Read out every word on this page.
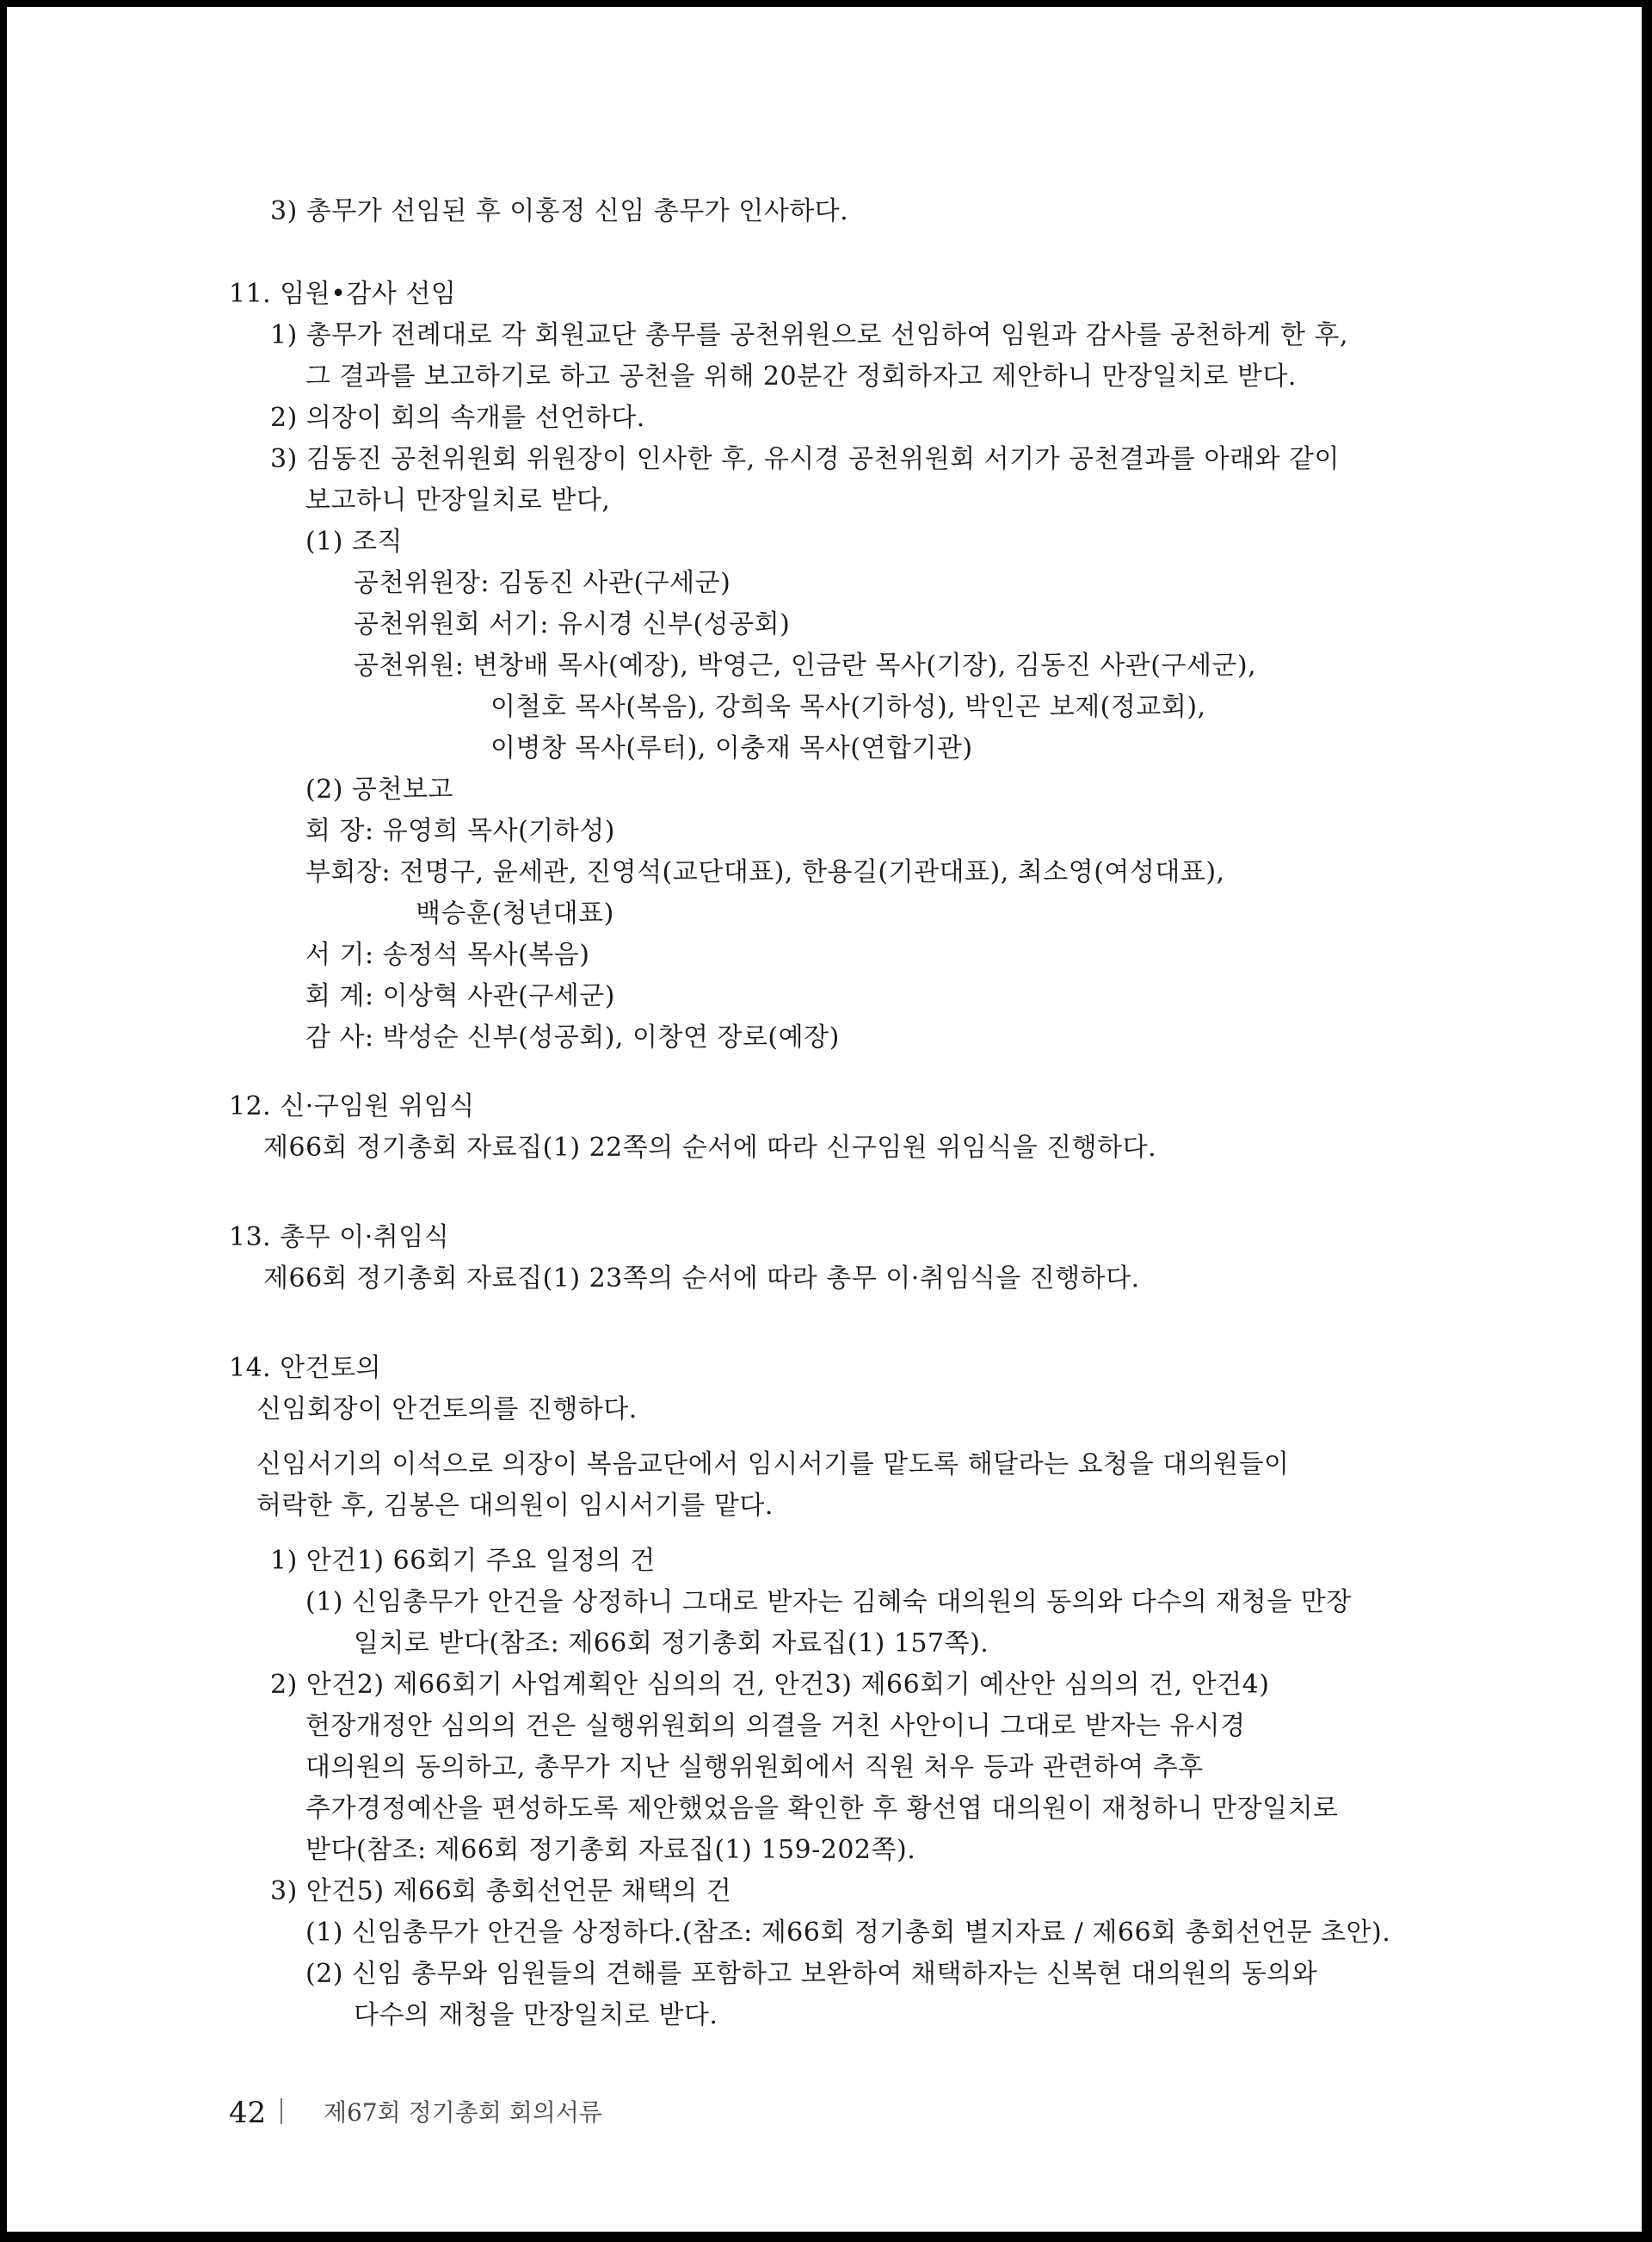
3) 총무가 선임된 후 이홍정 신임 총무가 인사하다.
11. 임원•감사 선임
1) 총무가 전례대로 각 회원교단 총무를 공천위원으로 선임하여 임원과 감사를 공천하게 한 후,
그 결과를 보고하기로 하고 공천을 위해 20분간 정회하자고 제안하니 만장일치로 받다.
2) 의장이 회의 속개를 선언하다.
3) 김동진 공천위원회 위원장이 인사한 후, 유시경 공천위원회 서기가 공천결과를 아래와 같이
보고하니 만장일치로 받다,
(1) 조직
공천위원장: 김동진 사관(구세군)
공천위원회 서기: 유시경 신부(성공회)
공천위원: 변창배 목사(예장), 박영근, 인금란 목사(기장), 김동진 사관(구세군),
이철호 목사(복음), 강희욱 목사(기하성), 박인곤 보제(정교회),
이병창 목사(루터), 이충재 목사(연합기관)
(2) 공천보고
회 장: 유영희 목사(기하성)
부회장: 전명구, 윤세관, 진영석(교단대표), 한용길(기관대표), 최소영(여성대표),
백승훈(청년대표)
서 기: 송정석 목사(복음)
회 계: 이상혁 사관(구세군)
감 사: 박성순 신부(성공회), 이창연 장로(예장)
12. 신·구임원 위임식
제66회 정기총회 자료집(1) 22쪽의 순서에 따라 신구임원 위임식을 진행하다.
13. 총무 이·취임식
제66회 정기총회 자료집(1) 23쪽의 순서에 따라 총무 이·취임식을 진행하다.
14. 안건토의
신임회장이 안건토의를 진행하다.
신임서기의 이석으로 의장이 복음교단에서 임시서기를 맡도록 해달라는 요청을 대의원들이
허락한 후, 김봉은 대의원이 임시서기를 맡다.
1) 안건1) 66회기 주요 일정의 건
(1) 신임총무가 안건을 상정하니 그대로 받자는 김혜숙 대의원의 동의와 다수의 재청을 만장
일치로 받다(참조: 제66회 정기총회 자료집(1) 157쪽).
2) 안건2) 제66회기 사업계획안 심의의 건, 안건3) 제66회기 예산안 심의의 건, 안건4)
헌장개정안 심의의 건은 실행위원회의 의결을 거친 사안이니 그대로 받자는 유시경
대의원의 동의하고, 총무가 지난 실행위원회에서 직원 처우 등과 관련하여 추후
추가경정예산을 편성하도록 제안했었음을 확인한 후 황선엽 대의원이 재청하니 만장일치로
받다(참조: 제66회 정기총회 자료집(1) 159-202쪽).
3) 안건5) 제66회 총회선언문 채택의 건
(1) 신임총무가 안건을 상정하다.(참조: 제66회 정기총회 별지자료 / 제66회 총회선언문 초안).
(2) 신임 총무와 임원들의 견해를 포함하고 보완하여 채택하자는 신복현 대의원의 동의와
다수의 재청을 만장일치로 받다.
42 제67회 정기총회 회의서류
